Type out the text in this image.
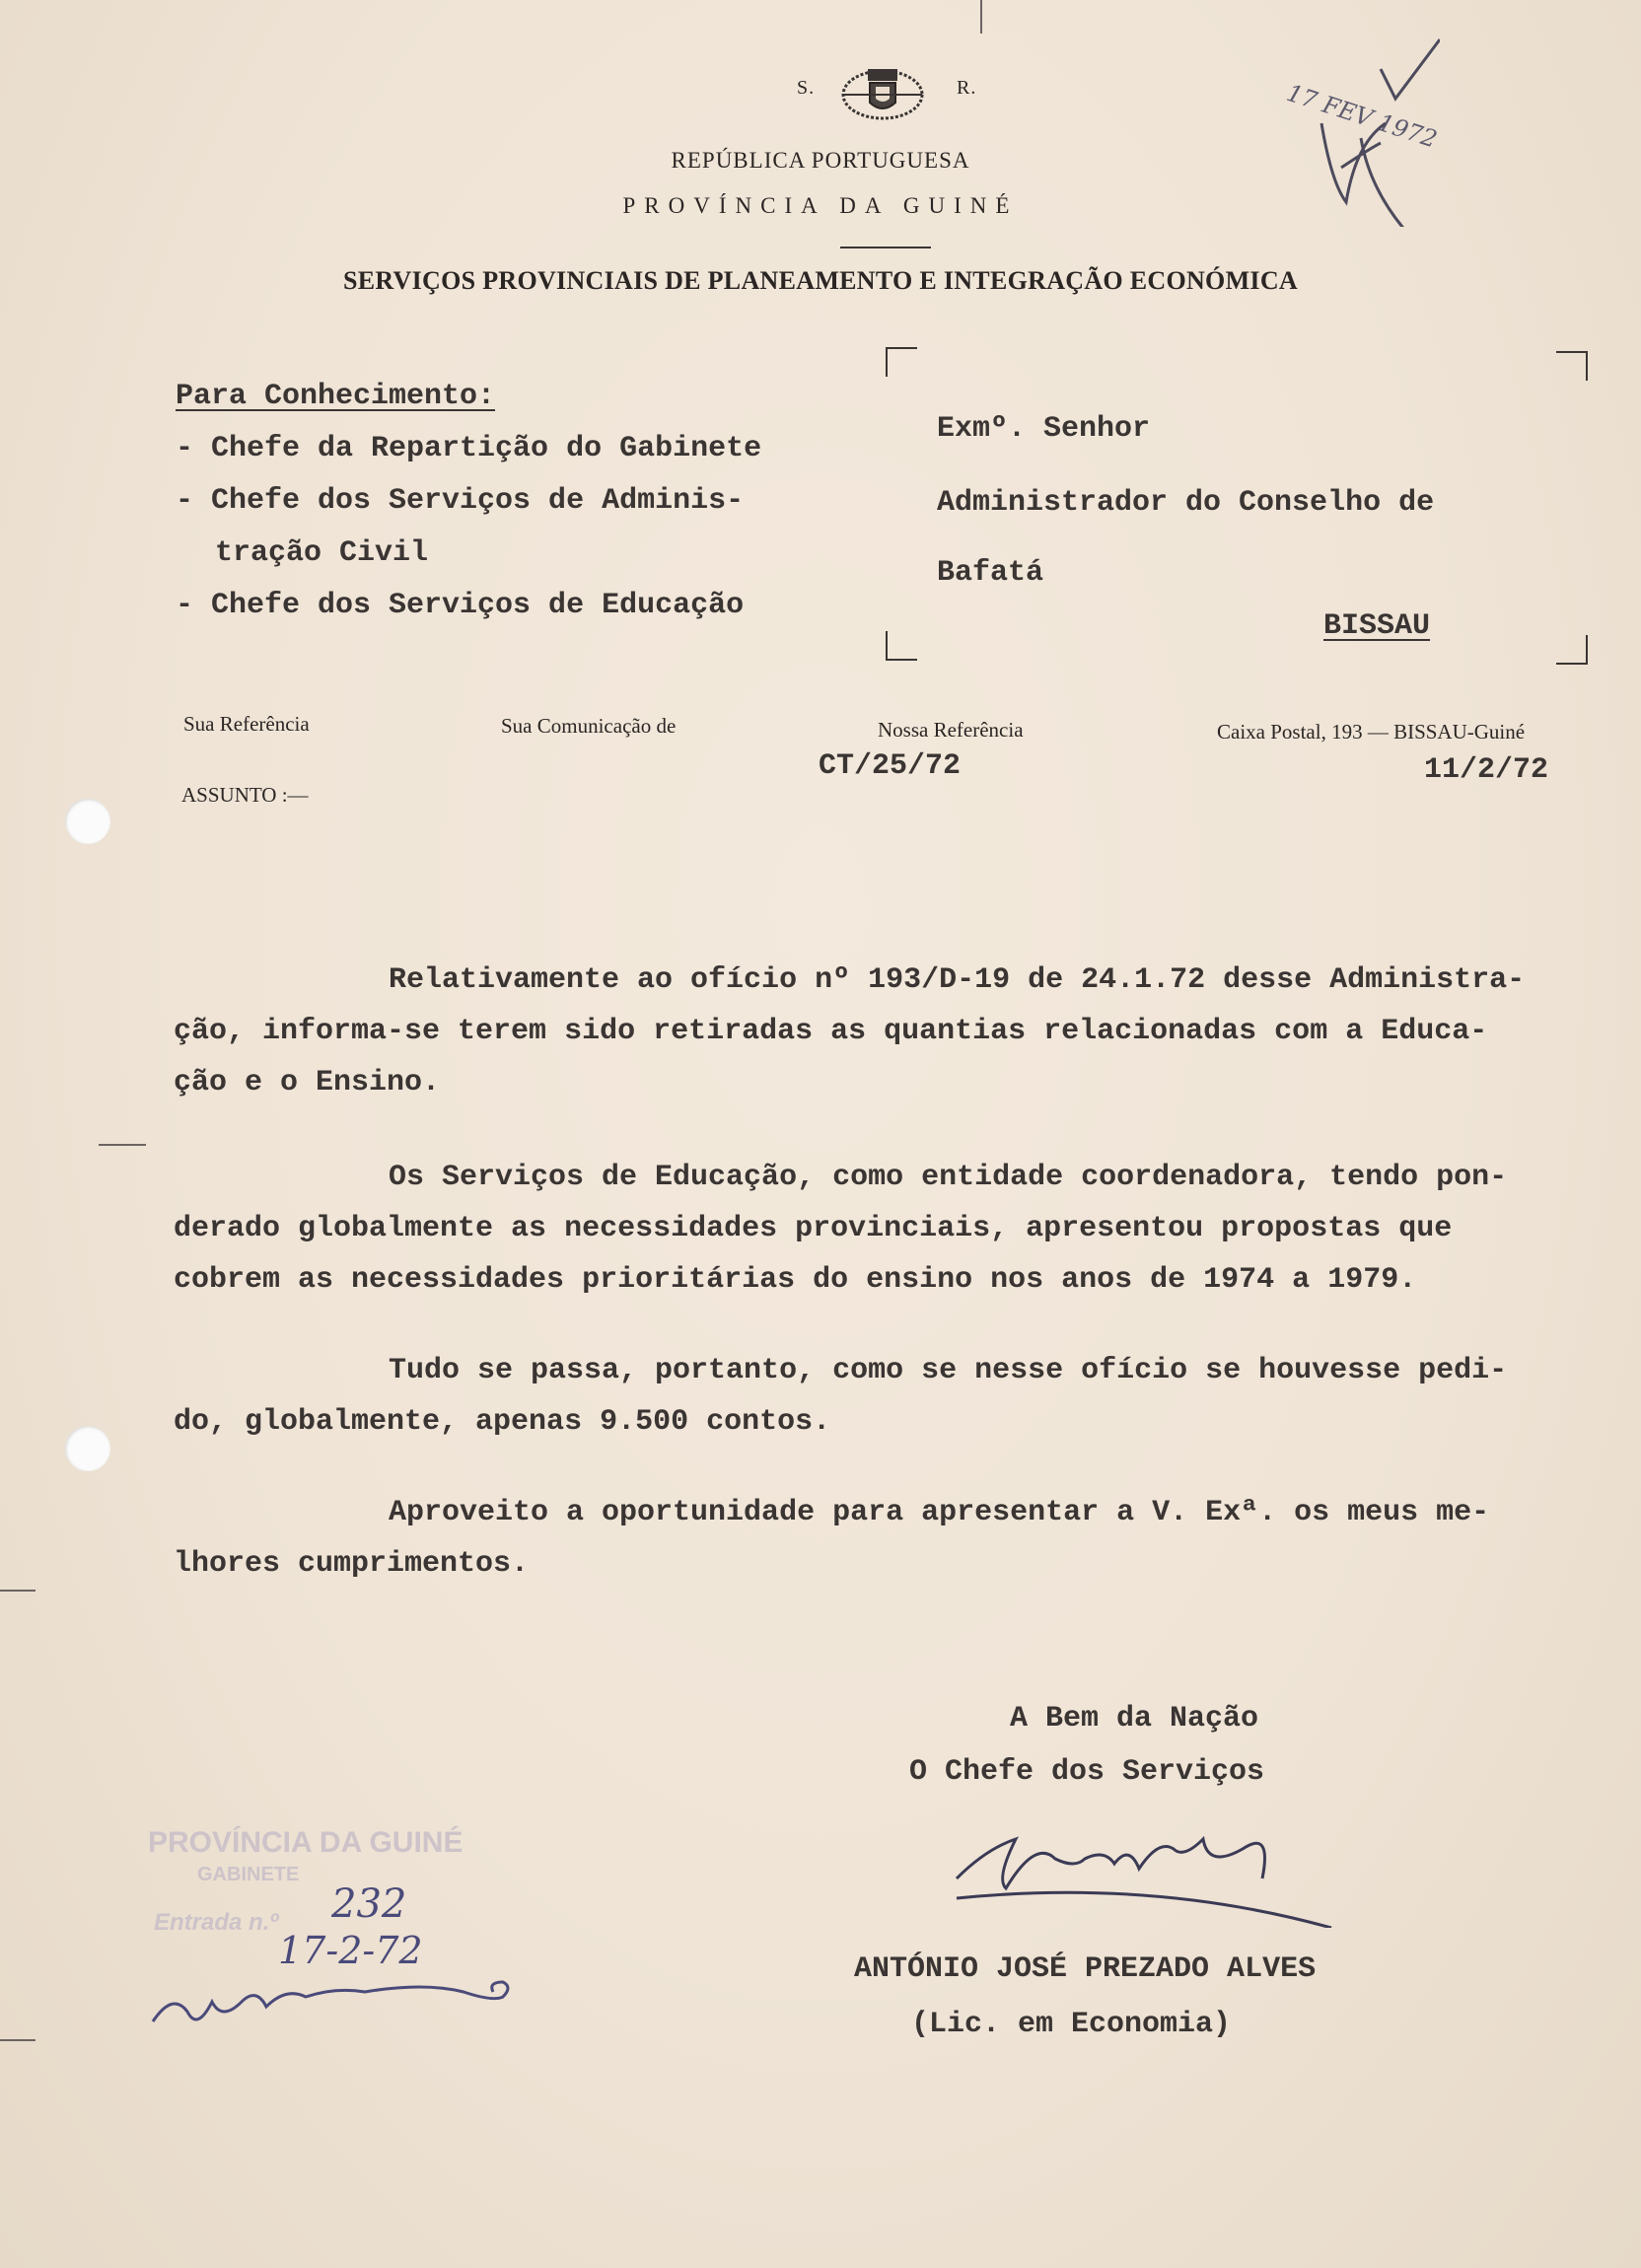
S.	R.
REPÚBLICA PORTUGUESA
PROVÍNCIA DA GUINÉ
SERVIÇOS PROVINCIAIS DE PLANEAMENTO E INTEGRAÇÃO ECONÓMICA
17 FEV 1972
Para Conhecimento:
- Chefe da Repartição do Gabinete
- Chefe dos Serviços de Adminis-
tração Civil
- Chefe dos Serviços de Educação
Exmº. Senhor
Administrador do Conselho de
Bafatá
BISSAU
Sua Referência	Sua Comunicação de	Nossa Referência	Caixa Postal, 193 — BISSAU-Guiné
CT/25/72	11/2/72
ASSUNTO :—

Relativamente ao ofício nº 193/D-19 de 24.1.72 desse Administra-

ção, informa-se terem sido retiradas as quantias relacionadas com a Educa-

ção e o Ensino.

Os Serviços de Educação, como entidade coordenadora, tendo pon-

derado globalmente as necessidades provinciais, apresentou propostas que

cobrem as necessidades prioritárias do ensino nos anos de 1974 a 1979.

Tudo se passa, portanto, como se nesse ofício se houvesse pedi-

do, globalmente, apenas 9.500 contos.

Aproveito a oportunidade para apresentar a V. Exª. os meus me-

lhores cumprimentos.

A Bem da Nação
O Chefe dos Serviços
ANTÓNIO JOSÉ PREZADO ALVES
(Lic. em Economia)
PROVÍNCIA DA GUINÉ
GABINETE
Entrada n.º 232
17-2-72
